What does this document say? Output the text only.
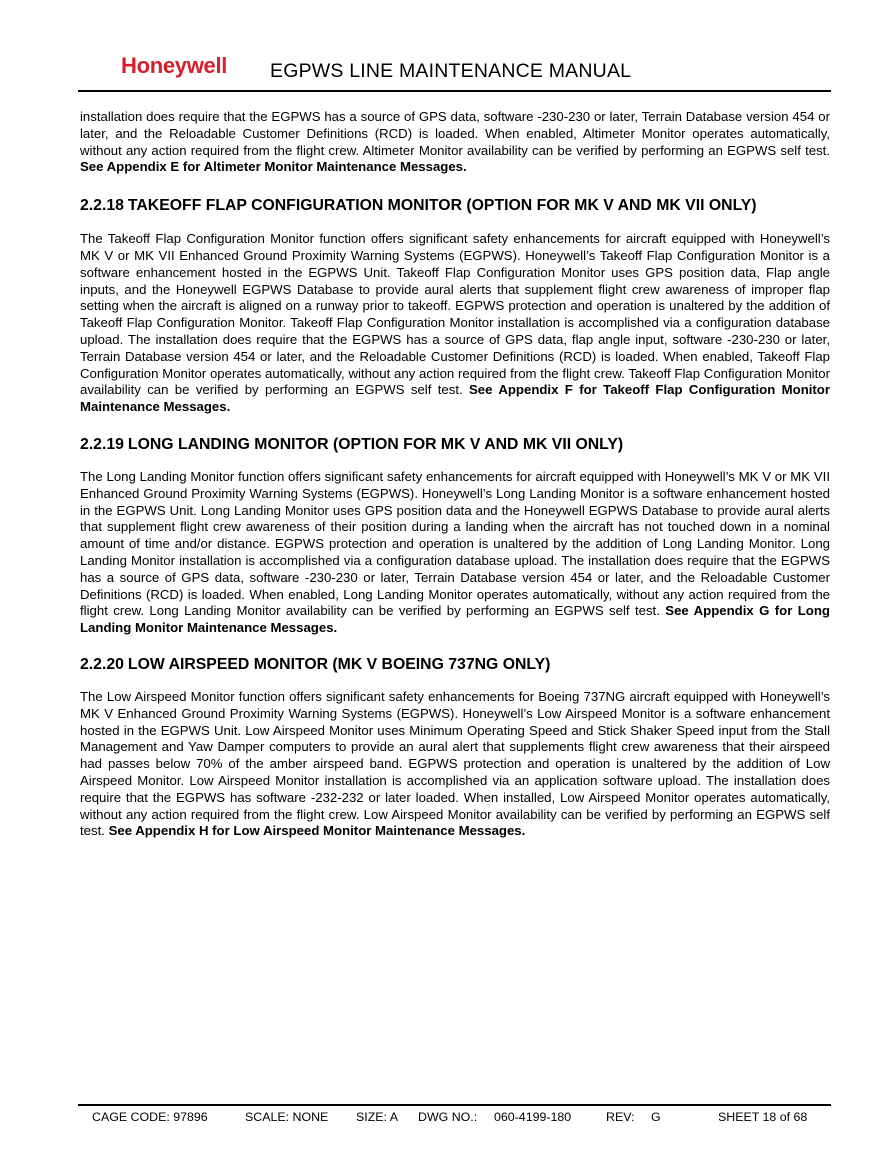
Honeywell EGPWS LINE MAINTENANCE MANUAL

installation does require that the EGPWS has a source of GPS data, software -230-230 or later, Terrain Database version 454 or later, and the Reloadable Customer Definitions (RCD) is loaded. When enabled, Altimeter Monitor operates automatically, without any action required from the flight crew. Altimeter Monitor availability can be verified by performing an EGPWS self test. See Appendix E for Altimeter Monitor Maintenance Messages.

2.2.18 TAKEOFF FLAP CONFIGURATION MONITOR (OPTION FOR MK V AND MK VII ONLY)

The Takeoff Flap Configuration Monitor function offers significant safety enhancements for aircraft equipped with Honeywell’s MK V or MK VII Enhanced Ground Proximity Warning Systems (EGPWS). Honeywell’s Takeoff Flap Configuration Monitor is a software enhancement hosted in the EGPWS Unit. Takeoff Flap Configuration Monitor uses GPS position data, Flap angle inputs, and the Honeywell EGPWS Database to provide aural alerts that supplement flight crew awareness of improper flap setting when the aircraft is aligned on a runway prior to takeoff. EGPWS protection and operation is unaltered by the addition of Takeoff Flap Configuration Monitor. Takeoff Flap Configuration Monitor installation is accomplished via a configuration database upload. The installation does require that the EGPWS has a source of GPS data, flap angle input, software -230-230 or later, Terrain Database version 454 or later, and the Reloadable Customer Definitions (RCD) is loaded. When enabled, Takeoff Flap Configuration Monitor operates automatically, without any action required from the flight crew. Takeoff Flap Configuration Monitor availability can be verified by performing an EGPWS self test. See Appendix F for Takeoff Flap Configuration Monitor Maintenance Messages.

2.2.19 LONG LANDING MONITOR (OPTION FOR MK V AND MK VII ONLY)

The Long Landing Monitor function offers significant safety enhancements for aircraft equipped with Honeywell’s MK V or MK VII Enhanced Ground Proximity Warning Systems (EGPWS). Honeywell’s Long Landing Monitor is a software enhancement hosted in the EGPWS Unit. Long Landing Monitor uses GPS position data and the Honeywell EGPWS Database to provide aural alerts that supplement flight crew awareness of their position during a landing when the aircraft has not touched down in a nominal amount of time and/or distance. EGPWS protection and operation is unaltered by the addition of Long Landing Monitor. Long Landing Monitor installation is accomplished via a configuration database upload. The installation does require that the EGPWS has a source of GPS data, software -230-230 or later, Terrain Database version 454 or later, and the Reloadable Customer Definitions (RCD) is loaded. When enabled, Long Landing Monitor operates automatically, without any action required from the flight crew. Long Landing Monitor availability can be verified by performing an EGPWS self test. See Appendix G for Long Landing Monitor Maintenance Messages.

2.2.20 LOW AIRSPEED MONITOR (MK V BOEING 737NG ONLY)

The Low Airspeed Monitor function offers significant safety enhancements for Boeing 737NG aircraft equipped with Honeywell’s MK V Enhanced Ground Proximity Warning Systems (EGPWS). Honeywell’s Low Airspeed Monitor is a software enhancement hosted in the EGPWS Unit. Low Airspeed Monitor uses Minimum Operating Speed and Stick Shaker Speed input from the Stall Management and Yaw Damper computers to provide an aural alert that supplements flight crew awareness that their airspeed had passes below 70% of the amber airspeed band. EGPWS protection and operation is unaltered by the addition of Low Airspeed Monitor. Low Airspeed Monitor installation is accomplished via an application software upload. The installation does require that the EGPWS has software -232-232 or later loaded. When installed, Low Airspeed Monitor operates automatically, without any action required from the flight crew. Low Airspeed Monitor availability can be verified by performing an EGPWS self test. See Appendix H for Low Airspeed Monitor Maintenance Messages.

CAGE CODE: 97896	SCALE: NONE SIZE: A DWG NO.: 060-4199-180	REV: G	SHEET 18 of 68
